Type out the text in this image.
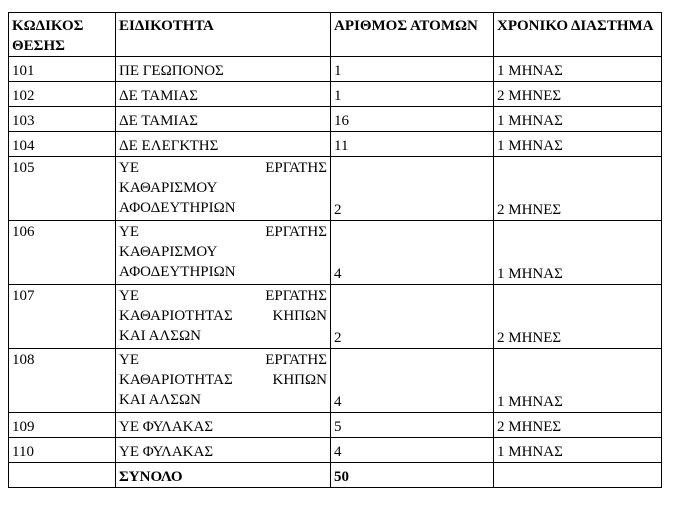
ΚΩΔΙΚΟΣ ΘΕΣΗΣ	ΕΙΔΙΚΟΤΗΤΑ	ΑΡΙΘΜΟΣ ΑΤΟΜΩΝ	ΧΡΟΝΙΚΟ ΔΙΑΣΤΗΜΑ
101	ΠΕ ΓΕΩΠΟΝΟΣ	1	1 ΜΗΝΑΣ
102	ΔΕ ΤΑΜΙΑΣ	1	2 ΜΗΝΕΣ
103	ΔΕ ΤΑΜΙΑΣ	16	1 ΜΗΝΑΣ
104	ΔΕ ΕΛΕΓΚΤΗΣ	11	1 ΜΗΝΑΣ
105	ΥΕ ΕΡΓΑΤΗΣ
ΚΑΘΑΡΙΣΜΟΥ
ΑΦΟΔΕΥΤΗΡΙΩΝ	2	2 ΜΗΝΕΣ
106	ΥΕ ΕΡΓΑΤΗΣ
ΚΑΘΑΡΙΣΜΟΥ
ΑΦΟΔΕΥΤΗΡΙΩΝ	4	1 ΜΗΝΑΣ
107	ΥΕ ΕΡΓΑΤΗΣ
ΚΑΘΑΡΙΟΤΗΤΑΣ ΚΗΠΩΝ
ΚΑΙ ΑΛΣΩΝ	2	2 ΜΗΝΕΣ
108	ΥΕ ΕΡΓΑΤΗΣ
ΚΑΘΑΡΙΟΤΗΤΑΣ ΚΗΠΩΝ
ΚΑΙ ΑΛΣΩΝ	4	1 ΜΗΝΑΣ
109	ΥΕ ΦΥΛΑΚΑΣ	5	2 ΜΗΝΕΣ
110	ΥΕ ΦΥΛΑΚΑΣ	4	1 ΜΗΝΑΣ
	ΣΥΝΟΛΟ	50	
